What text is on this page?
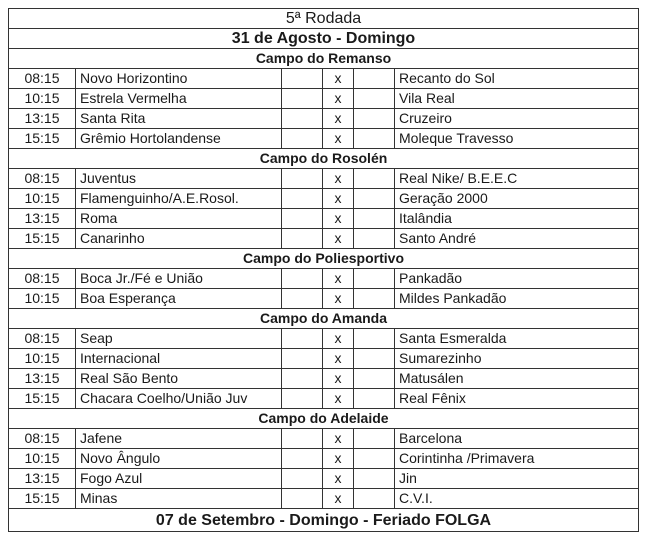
5ª Rodada					
31 de Agosto - Domingo					
Campo do Remanso					
08:15	Novo Horizontino		x		Recanto do Sol
10:15	Estrela Vermelha		x		Vila Real
13:15	Santa Rita		x		Cruzeiro
15:15	Grêmio Hortolandense		x		Moleque Travesso
Campo do Rosolén					
08:15	Juventus		x		Real Nike/ B.E.E.C
10:15	Flamenguinho/A.E.Rosol.		x		Geração 2000
13:15	Roma		x		Italândia
15:15	Canarinho		x		Santo André
Campo do Poliesportivo					
08:15	Boca Jr./Fé e União		x		Pankadão
10:15	Boa Esperança		x		Mildes Pankadão
Campo do Amanda					
08:15	Seap		x		Santa Esmeralda
10:15	Internacional		x		Sumarezinho
13:15	Real São Bento		x		Matusálen
15:15	Chacara Coelho/União Juv		x		Real Fênix
Campo do Adelaide					
08:15	Jafene		x		Barcelona
10:15	Novo Ângulo		x		Corintinha /Primavera
13:15	Fogo Azul		x		Jin
15:15	Minas		x		C.V.I.
07 de Setembro - Domingo - Feriado FOLGA					
